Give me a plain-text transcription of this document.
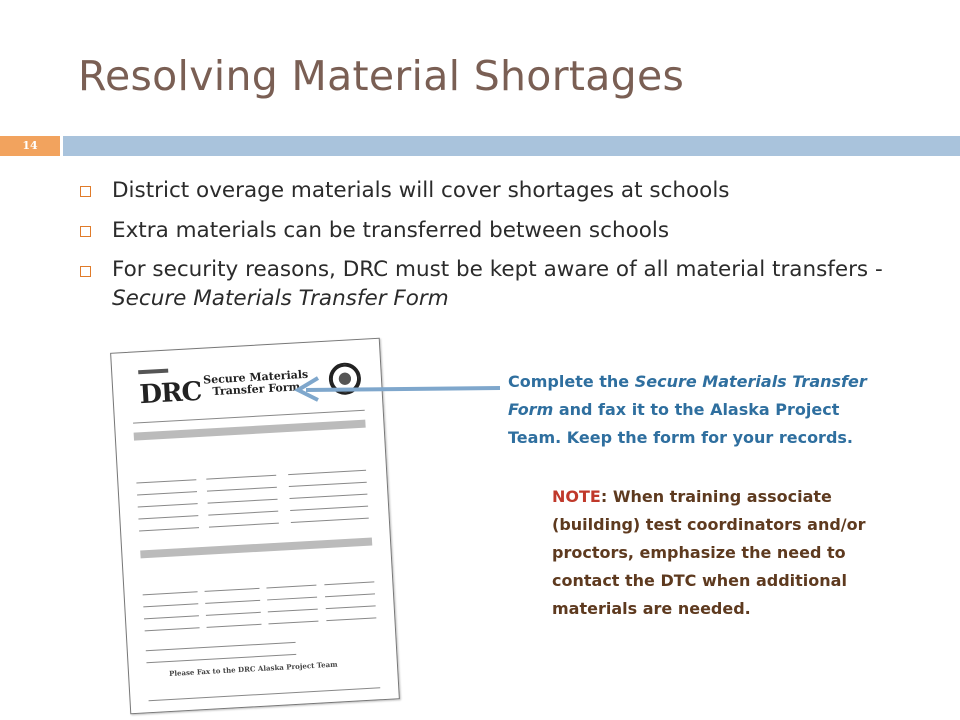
Resolving Material Shortages
14
District overage materials will cover shortages at schools
Extra materials can be transferred between schools
For security reasons, DRC must be kept aware of all material transfers - Secure Materials Transfer Form
DRC Secure Materials Transfer Form
Please Fax to the DRC Alaska Project Team
Complete the Secure Materials Transfer Form and fax it to the Alaska Project Team. Keep the form for your records.
NOTE: When training associate (building) test coordinators and/or proctors, emphasize the need to contact the DTC when additional materials are needed.
